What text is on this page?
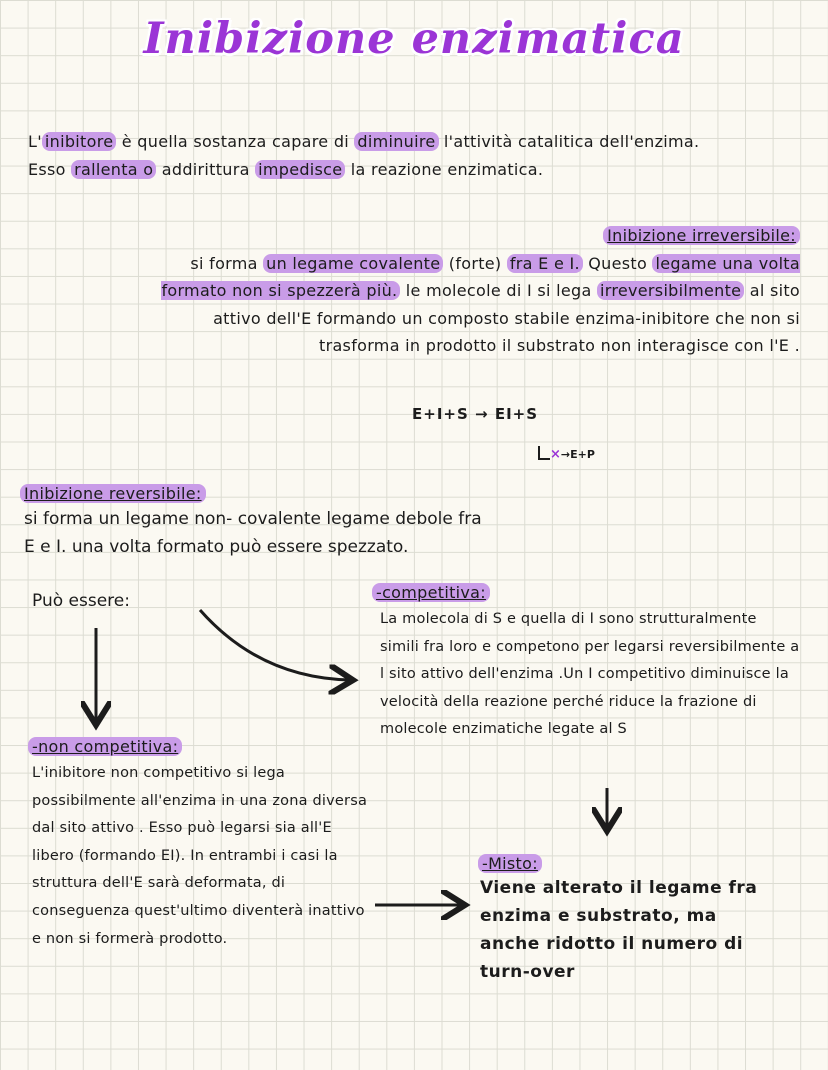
Inibizione enzimatica
L' inibitore è quella sostanza capare di diminuire l'attività catalitica dell'enzima. Esso rallenta o addirittura impedisce la reazione enzimatica.
Inibizione irreversibile:
si forma un legame covalente (forte) fra E e I. Questo legame una volta formato non si spezzerà più. le molecole di I si lega irreversibilmente al sito attivo dell'E formando un composto stabile enzima-inibitore che non si trasforma in prodotto il substrato non interagisce con l'E .
E+I+S → EI+S
×→E+P
Inibizione reversibile:
si forma un legame non- covalente legame debole fra E e I. una volta formato può essere spezzato.
Può essere:	-competitiva:
La molecola di S e quella di I sono strutturalmente simili fra loro e competono per legarsi reversibilmente a l sito attivo dell'enzima .Un I competitivo diminuisce la velocità della reazione perché riduce la frazione di molecole enzimatiche legate al S
-non competitiva:
L'inibitore non competitivo si lega possibilmente all'enzima in una zona diversa dal sito attivo . Esso può legarsi sia all'E libero (formando EI). In entrambi i casi la struttura dell'E sarà deformata, di conseguenza quest'ultimo diventerà inattivo e non si formerà prodotto.
-Misto:
Viene alterato il legame fra enzima e substrato, ma anche ridotto il numero di turn-over
